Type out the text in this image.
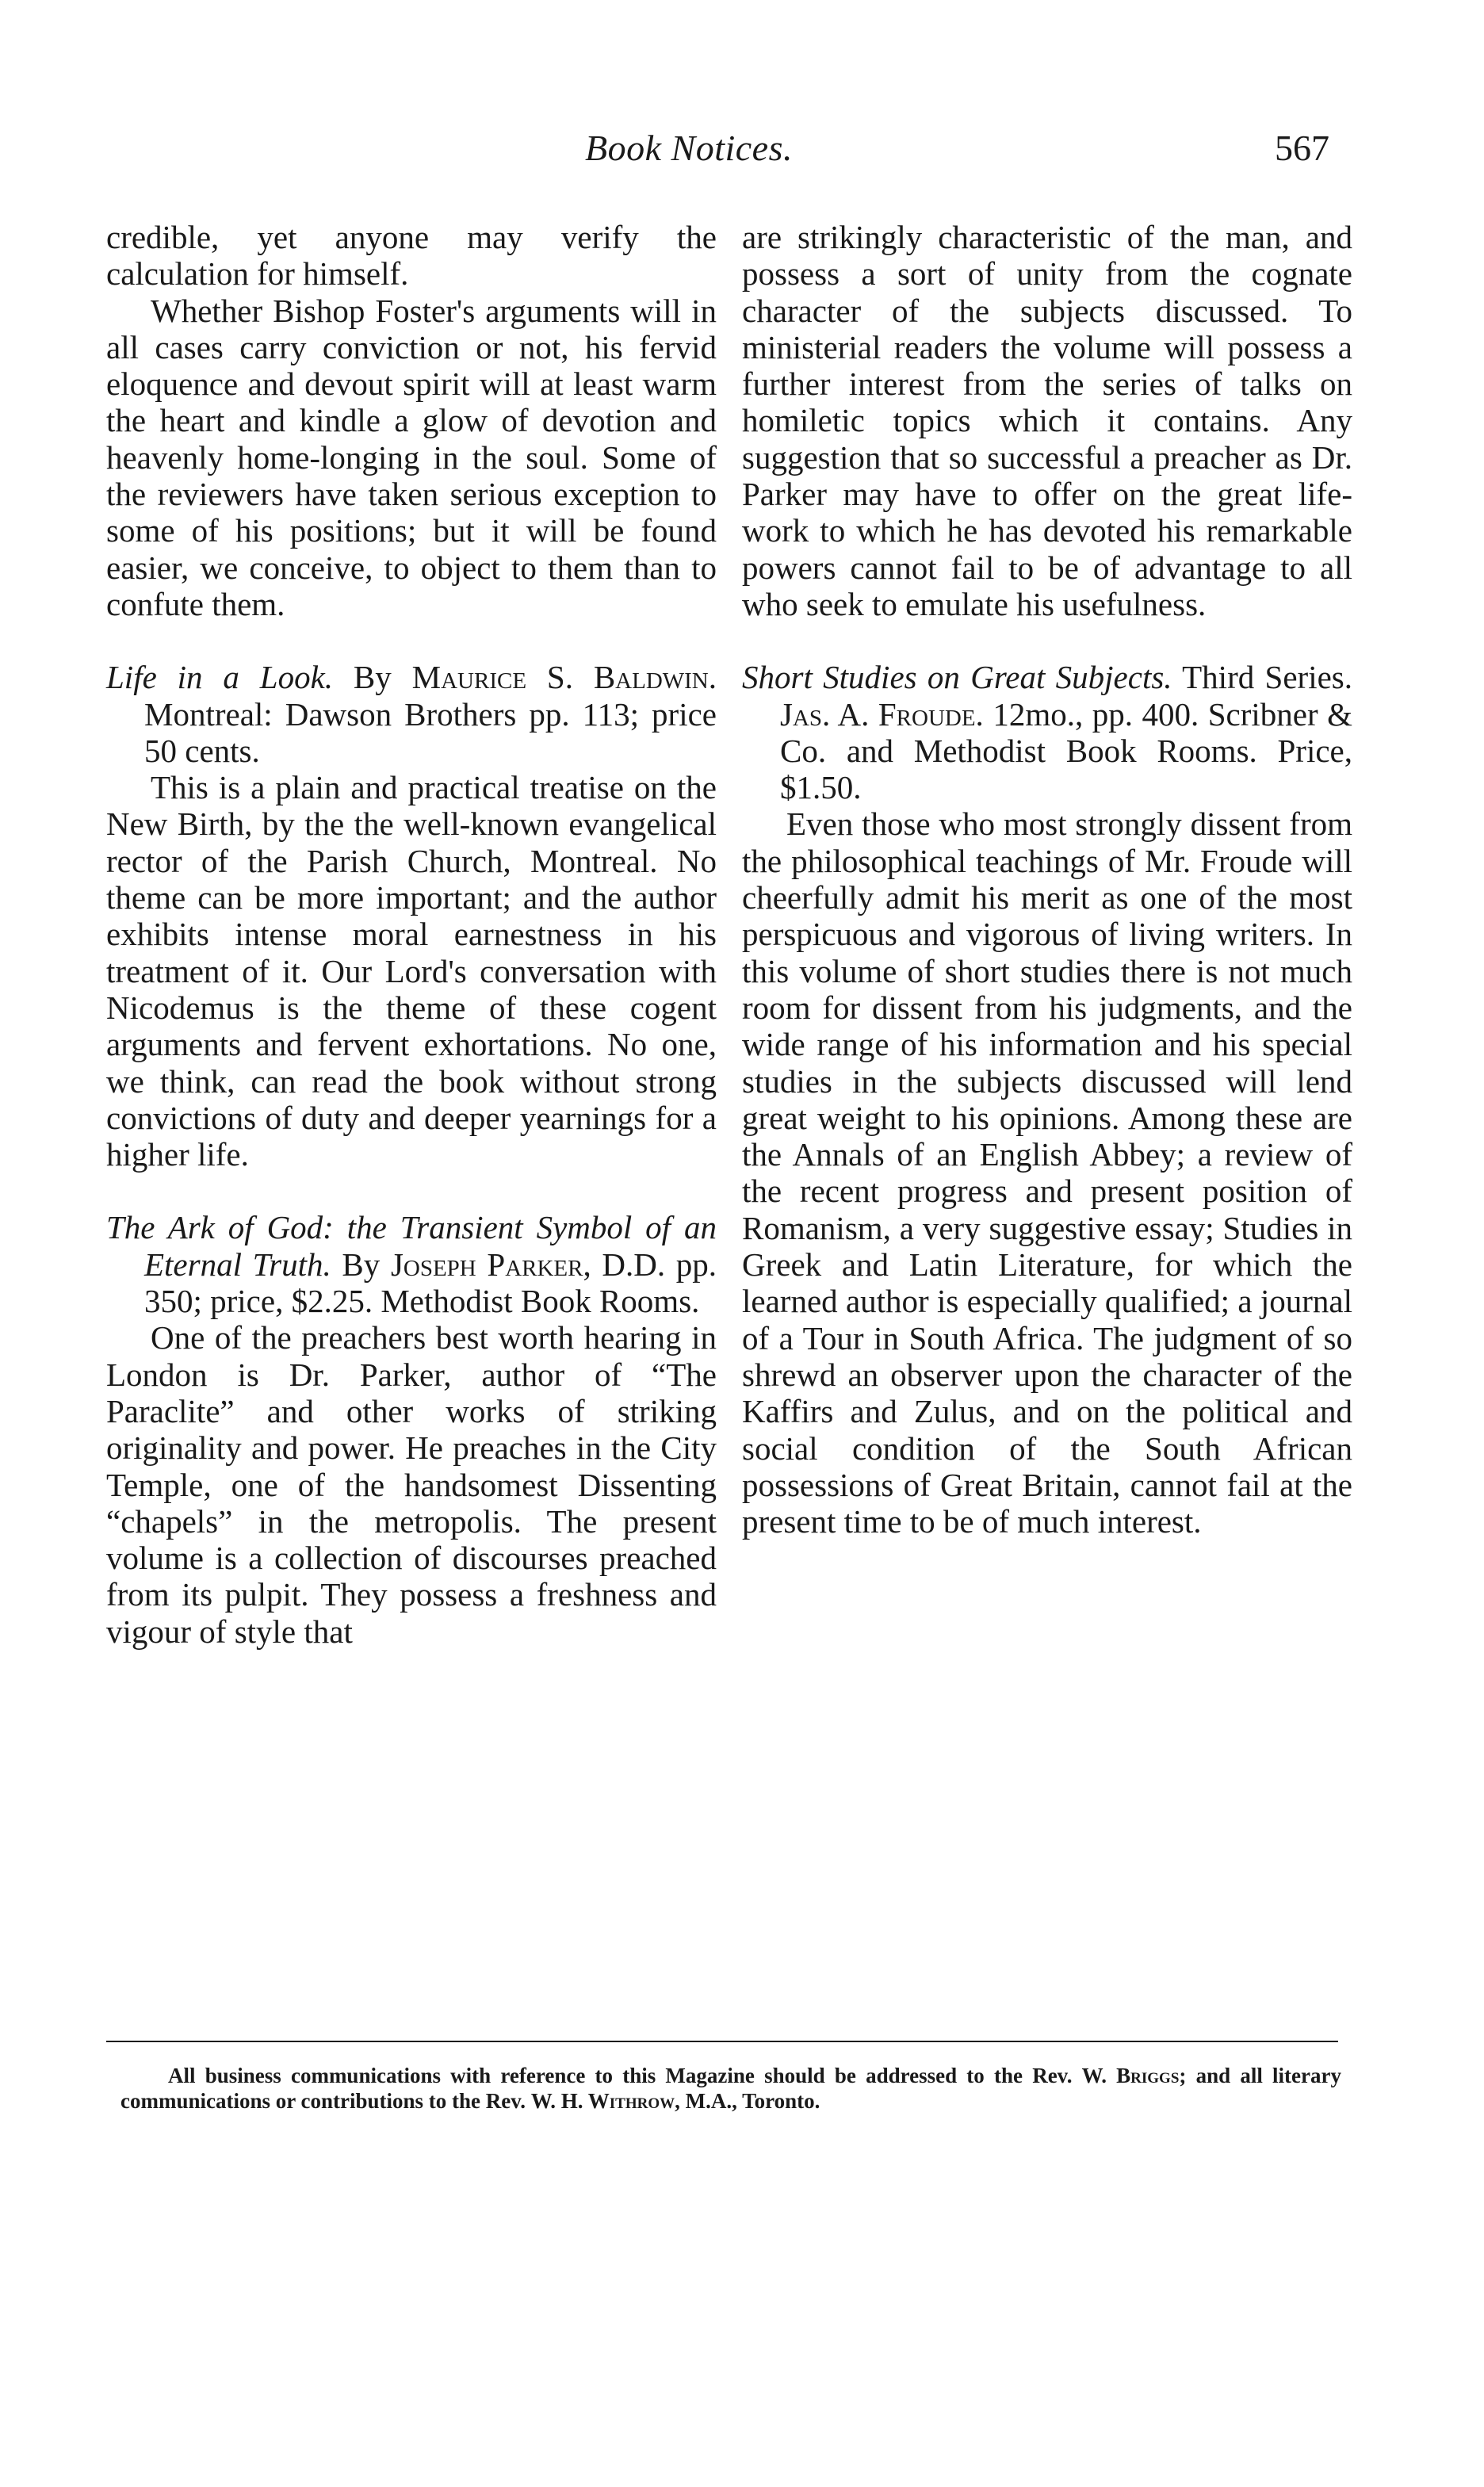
Book Notices.	567

credible, yet anyone may verify the calculation for himself.

Whether Bishop Foster's arguments will in all cases carry conviction or not, his fervid eloquence and devout spirit will at least warm the heart and kindle a glow of devotion and heavenly home-longing in the soul. Some of the reviewers have taken serious exception to some of his positions; but it will be found easier, we conceive, to object to them than to confute them.

Life in a Look. By Maurice S. Baldwin. Montreal: Dawson Brothers pp. 113; price 50 cents.

This is a plain and practical treatise on the New Birth, by the the well-known evangelical rector of the Parish Church, Montreal. No theme can be more important; and the author exhibits intense moral earnestness in his treatment of it. Our Lord's conversation with Nicodemus is the theme of these cogent arguments and fervent exhortations. No one, we think, can read the book without strong convictions of duty and deeper yearnings for a higher life.

The Ark of God: the Transient Symbol of an Eternal Truth. By Joseph Parker, D.D. pp. 350; price, $2.25. Methodist Book Rooms.

One of the preachers best worth hearing in London is Dr. Parker, author of “The Paraclite” and other works of striking originality and power. He preaches in the City Temple, one of the handsomest Dissenting “chapels” in the metropolis. The present volume is a collection of discourses preached from its pulpit. They possess a freshness and vigour of style that

are strikingly characteristic of the man, and possess a sort of unity from the cognate character of the subjects discussed. To ministerial readers the volume will possess a further interest from the series of talks on homiletic topics which it contains. Any suggestion that so successful a preacher as Dr. Parker may have to offer on the great life-work to which he has devoted his remarkable powers cannot fail to be of advantage to all who seek to emulate his usefulness.

Short Studies on Great Subjects. Third Series. Jas. A. Froude. 12mo., pp. 400. Scribner & Co. and Methodist Book Rooms. Price, $1.50.

Even those who most strongly dissent from the philosophical teachings of Mr. Froude will cheerfully admit his merit as one of the most perspicuous and vigorous of living writers. In this volume of short studies there is not much room for dissent from his judgments, and the wide range of his information and his special studies in the subjects discussed will lend great weight to his opinions. Among these are the Annals of an English Abbey; a review of the recent progress and present position of Romanism, a very suggestive essay; Studies in Greek and Latin Literature, for which the learned author is especially qualified; a journal of a Tour in South Africa. The judgment of so shrewd an observer upon the character of the Kaffirs and Zulus, and on the political and social condition of the South African possessions of Great Britain, cannot fail at the present time to be of much interest.

All business communications with reference to this Magazine should be addressed to the Rev. W. Briggs; and all literary communications or contributions to the Rev. W. H. Withrow, M.A., Toronto.
